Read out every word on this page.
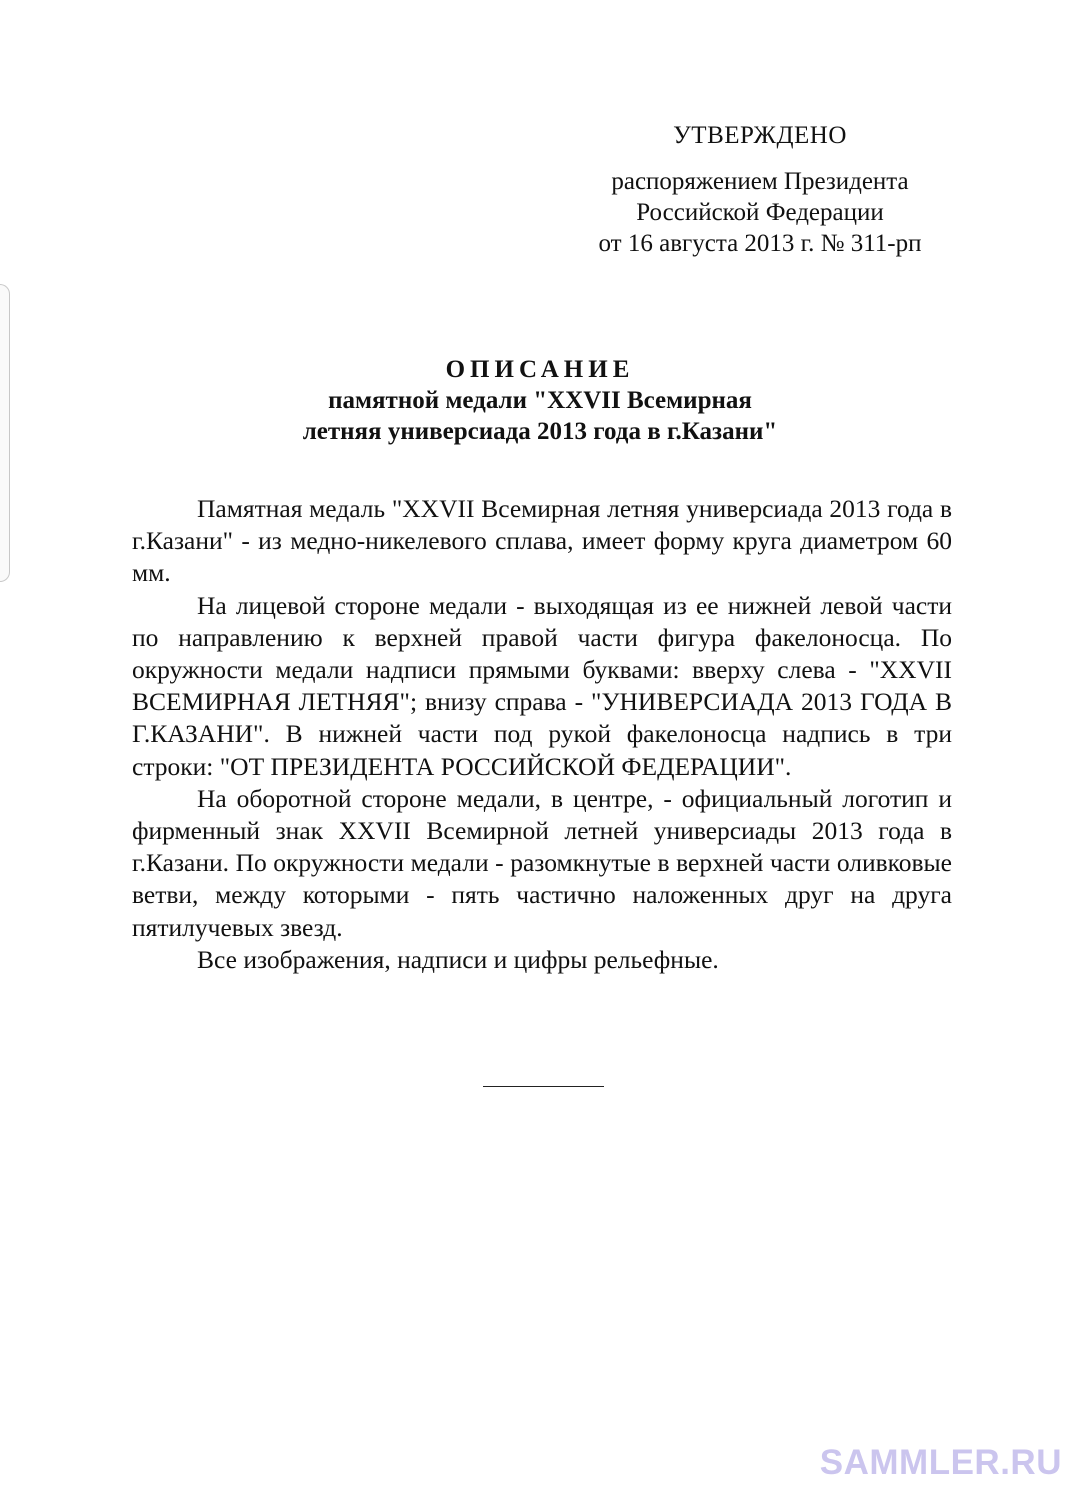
УТВЕРЖДЕНО
распоряжением Президента
Российской Федерации
от 16 августа 2013 г. № 311-рп
ОПИСАНИЕ
памятной медали "XXVII Всемирная
летняя универсиада 2013 года в г.Казани"

Памятная медаль "XXVII Всемирная летняя универсиада 2013 года в г.Казани" - из медно-никелевого сплава, имеет форму круга диаметром 60 мм.

На лицевой стороне медали - выходящая из ее нижней левой части по направлению к верхней правой части фигура факелоносца. По окружности медали надписи прямыми буквами: вверху слева - "XXVII ВСЕМИРНАЯ ЛЕТНЯЯ"; внизу справа - "УНИВЕРСИАДА 2013 ГОДА В Г.КАЗАНИ". В нижней части под рукой факелоносца надпись в три строки: "ОТ ПРЕЗИДЕНТА РОССИЙСКОЙ ФЕДЕРАЦИИ".

На оборотной стороне медали, в центре, - официальный логотип и фирменный знак XXVII Всемирной летней универсиады 2013 года в г.Казани. По окружности медали - разомкнутые в верхней части оливковые ветви, между которыми - пять частично наложенных друг на друга пятилучевых звезд.

Все изображения, надписи и цифры рельефные.

SAMMLER.RU
